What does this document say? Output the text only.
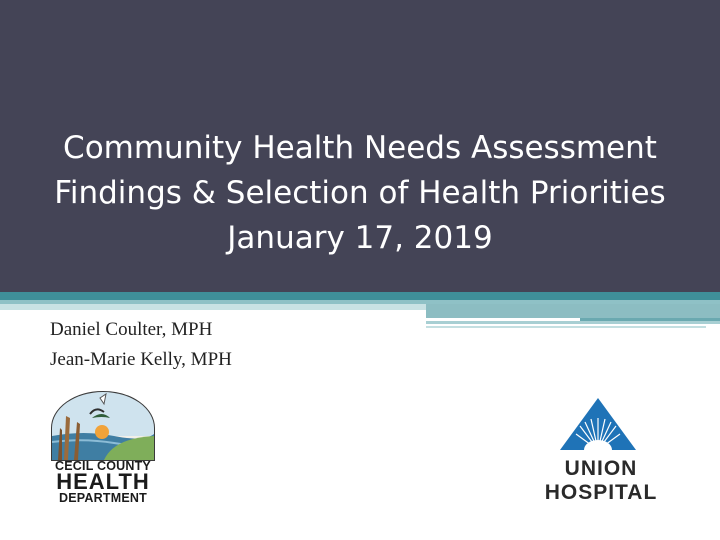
Community Health Needs Assessment
Findings & Selection of Health Priorities
January 17, 2019
Daniel Coulter, MPH
Jean-Marie Kelly, MPH
CECIL COUNTY
HEALTH
DEPARTMENT
UNION
HOSPITAL
